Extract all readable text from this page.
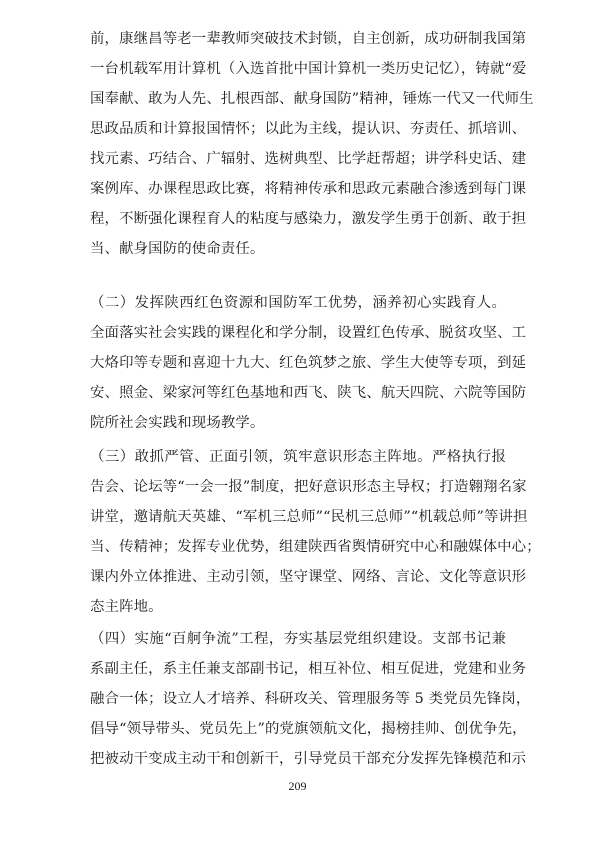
前，康继昌等老一辈教师突破技术封锁，自主创新，成功研制我国第
一台机载军用计算机（入选首批中国计算机一类历史记忆），铸就“爱
国奉献、敢为人先、扎根西部、献身国防”精神，锤炼一代又一代师生
思政品质和计算报国情怀；以此为主线，提认识、夯责任、抓培训、
找元素、巧结合、广辐射、选树典型、比学赶帮超；讲学科史话、建
案例库、办课程思政比赛，将精神传承和思政元素融合渗透到每门课
程，不断强化课程育人的粘度与感染力，激发学生勇于创新、敢于担
当、献身国防的使命责任。
（二）发挥陕西红色资源和国防军工优势，涵养初心实践育人。
全面落实社会实践的课程化和学分制，设置红色传承、脱贫攻坚、工
大烙印等专题和喜迎十九大、红色筑梦之旅、学生大使等专项，到延
安、照金、梁家河等红色基地和西飞、陕飞、航天四院、六院等国防
院所社会实践和现场教学。
（三）敢抓严管、正面引领，筑牢意识形态主阵地。严格执行报
告会、论坛等“一会一报”制度，把好意识形态主导权；打造翱翔名家
讲堂，邀请航天英雄、“军机三总师”“民机三总师”“机载总师”等讲担
当、传精神；发挥专业优势，组建陕西省舆情研究中心和融媒体中心；
课内外立体推进、主动引领，坚守课堂、网络、言论、文化等意识形
态主阵地。
（四）实施“百舸争流”工程，夯实基层党组织建设。支部书记兼
系副主任，系主任兼支部副书记，相互补位、相互促进，党建和业务
融合一体；设立人才培养、科研攻关、管理服务等 5 类党员先锋岗，
倡导“领导带头、党员先上”的党旗领航文化，揭榜挂帅、创优争先，
把被动干变成主动干和创新干，引导党员干部充分发挥先锋模范和示
209
